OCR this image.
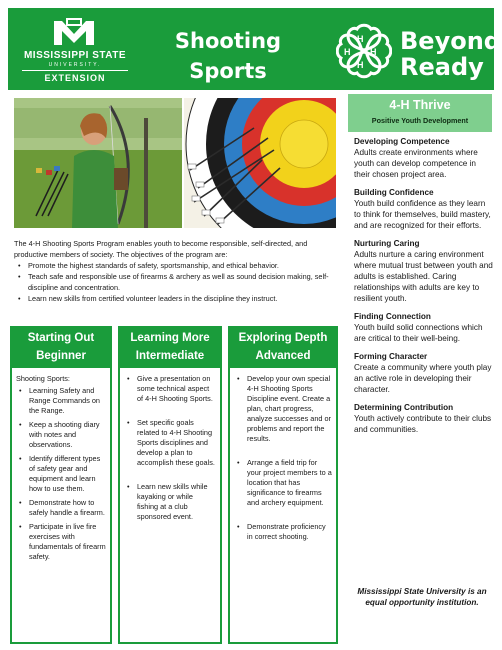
MISSISSIPPI STATE
UNIVERSITY.
EXTENSION
Shooting
Sports
H
H
H H Beyond
Ready

The 4-H Shooting Sports Program enables youth to become responsible, self-directed, and productive members of society. The objectives of the program are:

• Promote the highest standards of safety, sportsmanship, and ethical behavior.
• Teach safe and responsible use of firearms & archery as well as sound decision making, self-discipline and concentration.
• Learn new skills from certified volunteer leaders in the discipline they instruct.
Starting Out
Beginner
Shooting Sports:
• Learning Safety and Range Commands on the Range.
• Keep a shooting diary with notes and observations.
• Identify different types of safety gear and equipment and learn how to use them.
• Demonstrate how to safely handle a firearm.
• Participate in live fire exercises with fundamentals of firearm safety.
Learning More
Intermediate
• Give a presentation on some technical aspect of 4-H Shooting Sports.
• Set specific goals related to 4-H Shooting Sports disciplines and develop a plan to accomplish these goals.
• Learn new skills while kayaking or while fishing at a club sponsored event.
Exploring Depth
Advanced
• Develop your own special 4-H Shooting Sports Discipline event. Create a plan, chart progress, analyze successes and or problems and report the results.
• Arrange a field trip for your project members to a location that has significance to firearms and archery equipment.
• Demonstrate proficiency in correct shooting.
4-H Thrive
Positive Youth Development
Developing Competence

Adults create environments where youth can develop competence in their chosen project area.

Building Confidence

Youth build confidence as they learn to think for themselves, build mastery, and are recognized for their efforts.

Nurturing Caring

Adults nurture a caring environment where mutual trust between youth and adults is established. Caring relationships with adults are key to resilient youth.

Finding Connection

Youth build solid connections which are critical to their well-being.

Forming Character

Create a community where youth play an active role in developing their character.

Determining Contribution

Youth actively contribute to their clubs and communities.

Mississippi State University is an equal opportunity institution.
